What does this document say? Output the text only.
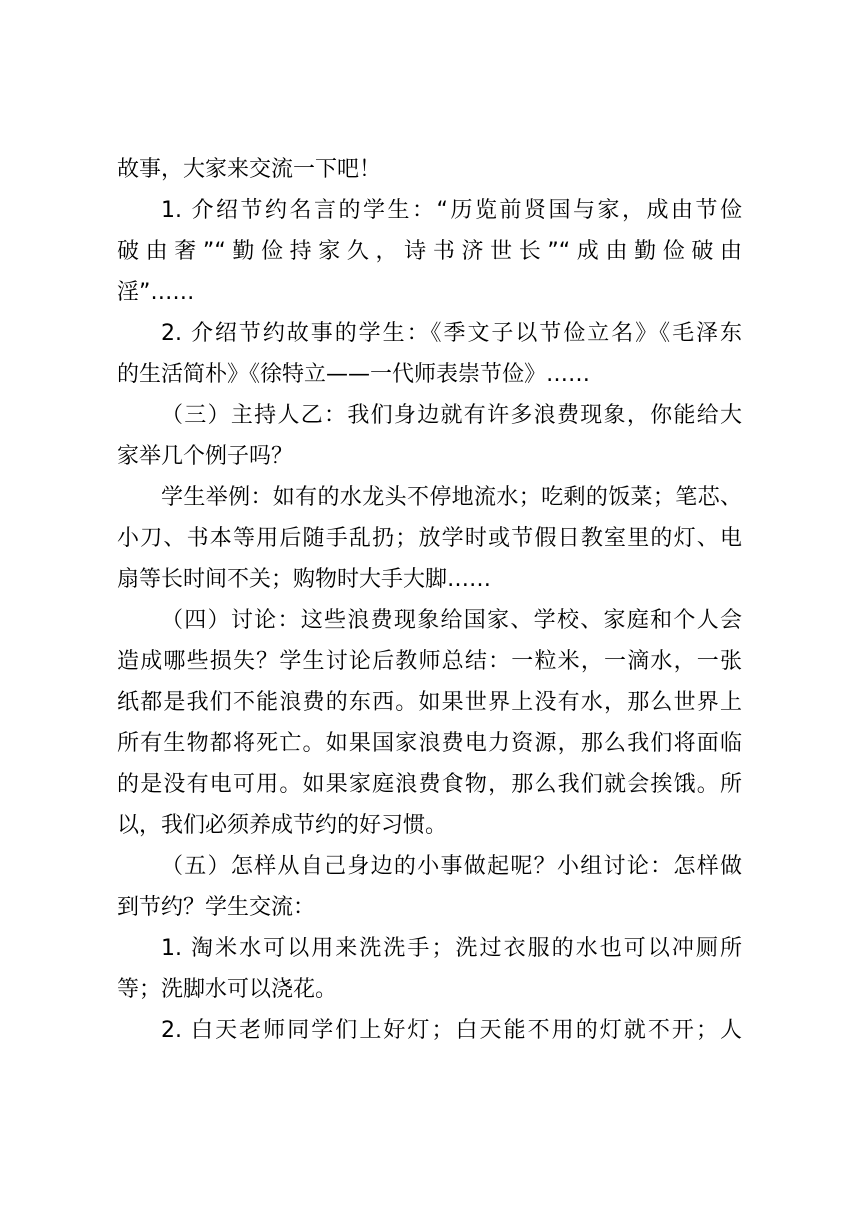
故事，大家来交流一下吧！
1. 介绍节约名言的学生：“历览前贤国与家，成由节俭
破由奢”“勤俭持家久，诗书济世长”“成由勤俭破由
淫”……
2. 介绍节约故事的学生：《季文子以节俭立名》《毛泽东
的生活简朴》《徐特立——一代师表崇节俭》……
（三）主持人乙：我们身边就有许多浪费现象，你能给大
家举几个例子吗？
学生举例：如有的水龙头不停地流水；吃剩的饭菜；笔芯、
小刀、书本等用后随手乱扔；放学时或节假日教室里的灯、电
扇等长时间不关；购物时大手大脚……
（四）讨论：这些浪费现象给国家、学校、家庭和个人会
造成哪些损失？学生讨论后教师总结：一粒米，一滴水，一张
纸都是我们不能浪费的东西。如果世界上没有水，那么世界上
所有生物都将死亡。如果国家浪费电力资源，那么我们将面临
的是没有电可用。如果家庭浪费食物，那么我们就会挨饿。所
以，我们必须养成节约的好习惯。
（五）怎样从自己身边的小事做起呢？小组讨论：怎样做
到节约？学生交流：
1. 淘米水可以用来洗洗手；洗过衣服的水也可以冲厕所
等；洗脚水可以浇花。
2. 白天老师同学们上好灯；白天能不用的灯就不开；人
